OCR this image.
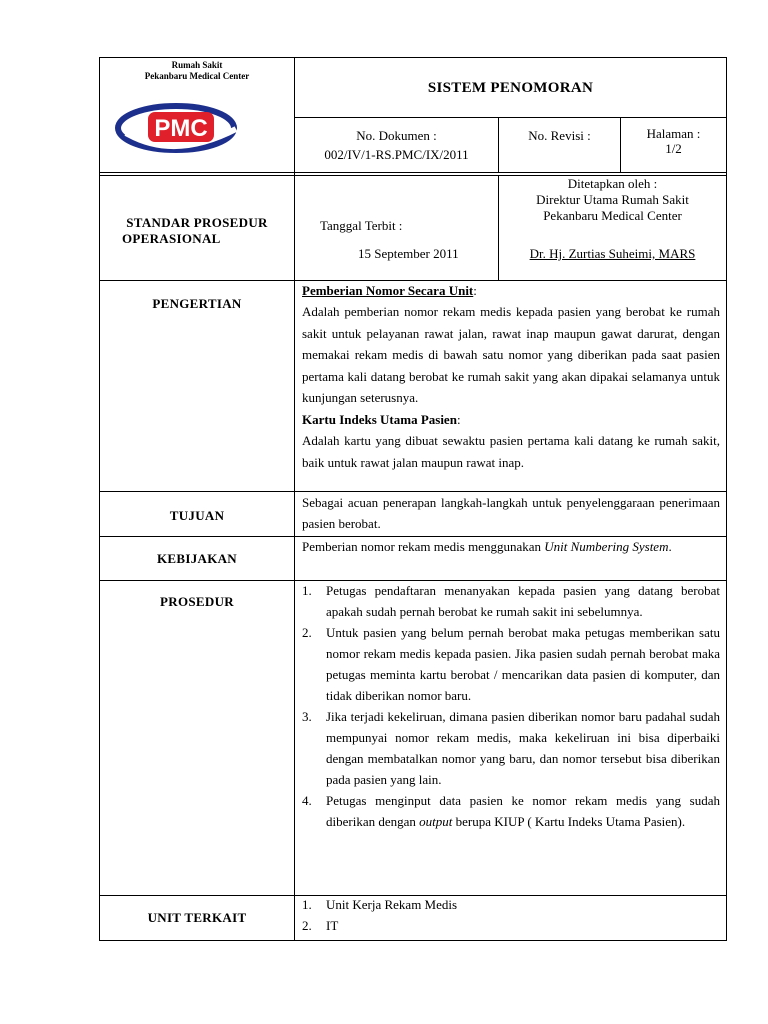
Rumah Sakit
Pekanbaru Medical Center
PMC
SISTEM PENOMORAN
No. Dokumen :
002/IV/1-RS.PMC/IX/2011
No. Revisi :	Halaman :
1/2
STANDAR PROSEDUR
OPERASIONAL
Tanggal Terbit :
15 September 2011
Ditetapkan oleh :
Direktur Utama Rumah Sakit
Pekanbaru Medical Center
Dr. Hj. Zurtias Suheimi, MARS
PENGERTIAN
Pemberian Nomor Secara Unit:
Adalah pemberian nomor rekam medis kepada pasien yang berobat ke rumah sakit untuk pelayanan rawat jalan, rawat inap maupun gawat darurat, dengan memakai rekam medis di bawah satu nomor yang diberikan pada saat pasien pertama kali datang berobat ke rumah sakit yang akan dipakai selamanya untuk kunjungan seterusnya.
Kartu Indeks Utama Pasien:
Adalah kartu yang dibuat sewaktu pasien pertama kali datang ke rumah sakit, baik untuk rawat jalan maupun rawat inap.
TUJUAN
Sebagai acuan penerapan langkah-langkah untuk penyelenggaraan penerimaan pasien berobat.
KEBIJAKAN
Pemberian nomor rekam medis menggunakan Unit Numbering System.
PROSEDUR
1. Petugas pendaftaran menanyakan kepada pasien yang datang berobat apakah sudah pernah berobat ke rumah sakit ini sebelumnya.
2. Untuk pasien yang belum pernah berobat maka petugas memberikan satu nomor rekam medis kepada pasien. Jika pasien sudah pernah berobat maka petugas meminta kartu berobat / mencarikan data pasien di komputer, dan tidak diberikan nomor baru.
3. Jika terjadi kekeliruan, dimana pasien diberikan nomor baru padahal sudah mempunyai nomor rekam medis, maka kekeliruan ini bisa diperbaiki dengan membatalkan nomor yang baru, dan nomor tersebut bisa diberikan pada pasien yang lain.
4. Petugas menginput data pasien ke nomor rekam medis yang sudah diberikan dengan output berupa KIUP ( Kartu Indeks Utama Pasien).
UNIT TERKAIT
1. Unit Kerja Rekam Medis
2. IT
